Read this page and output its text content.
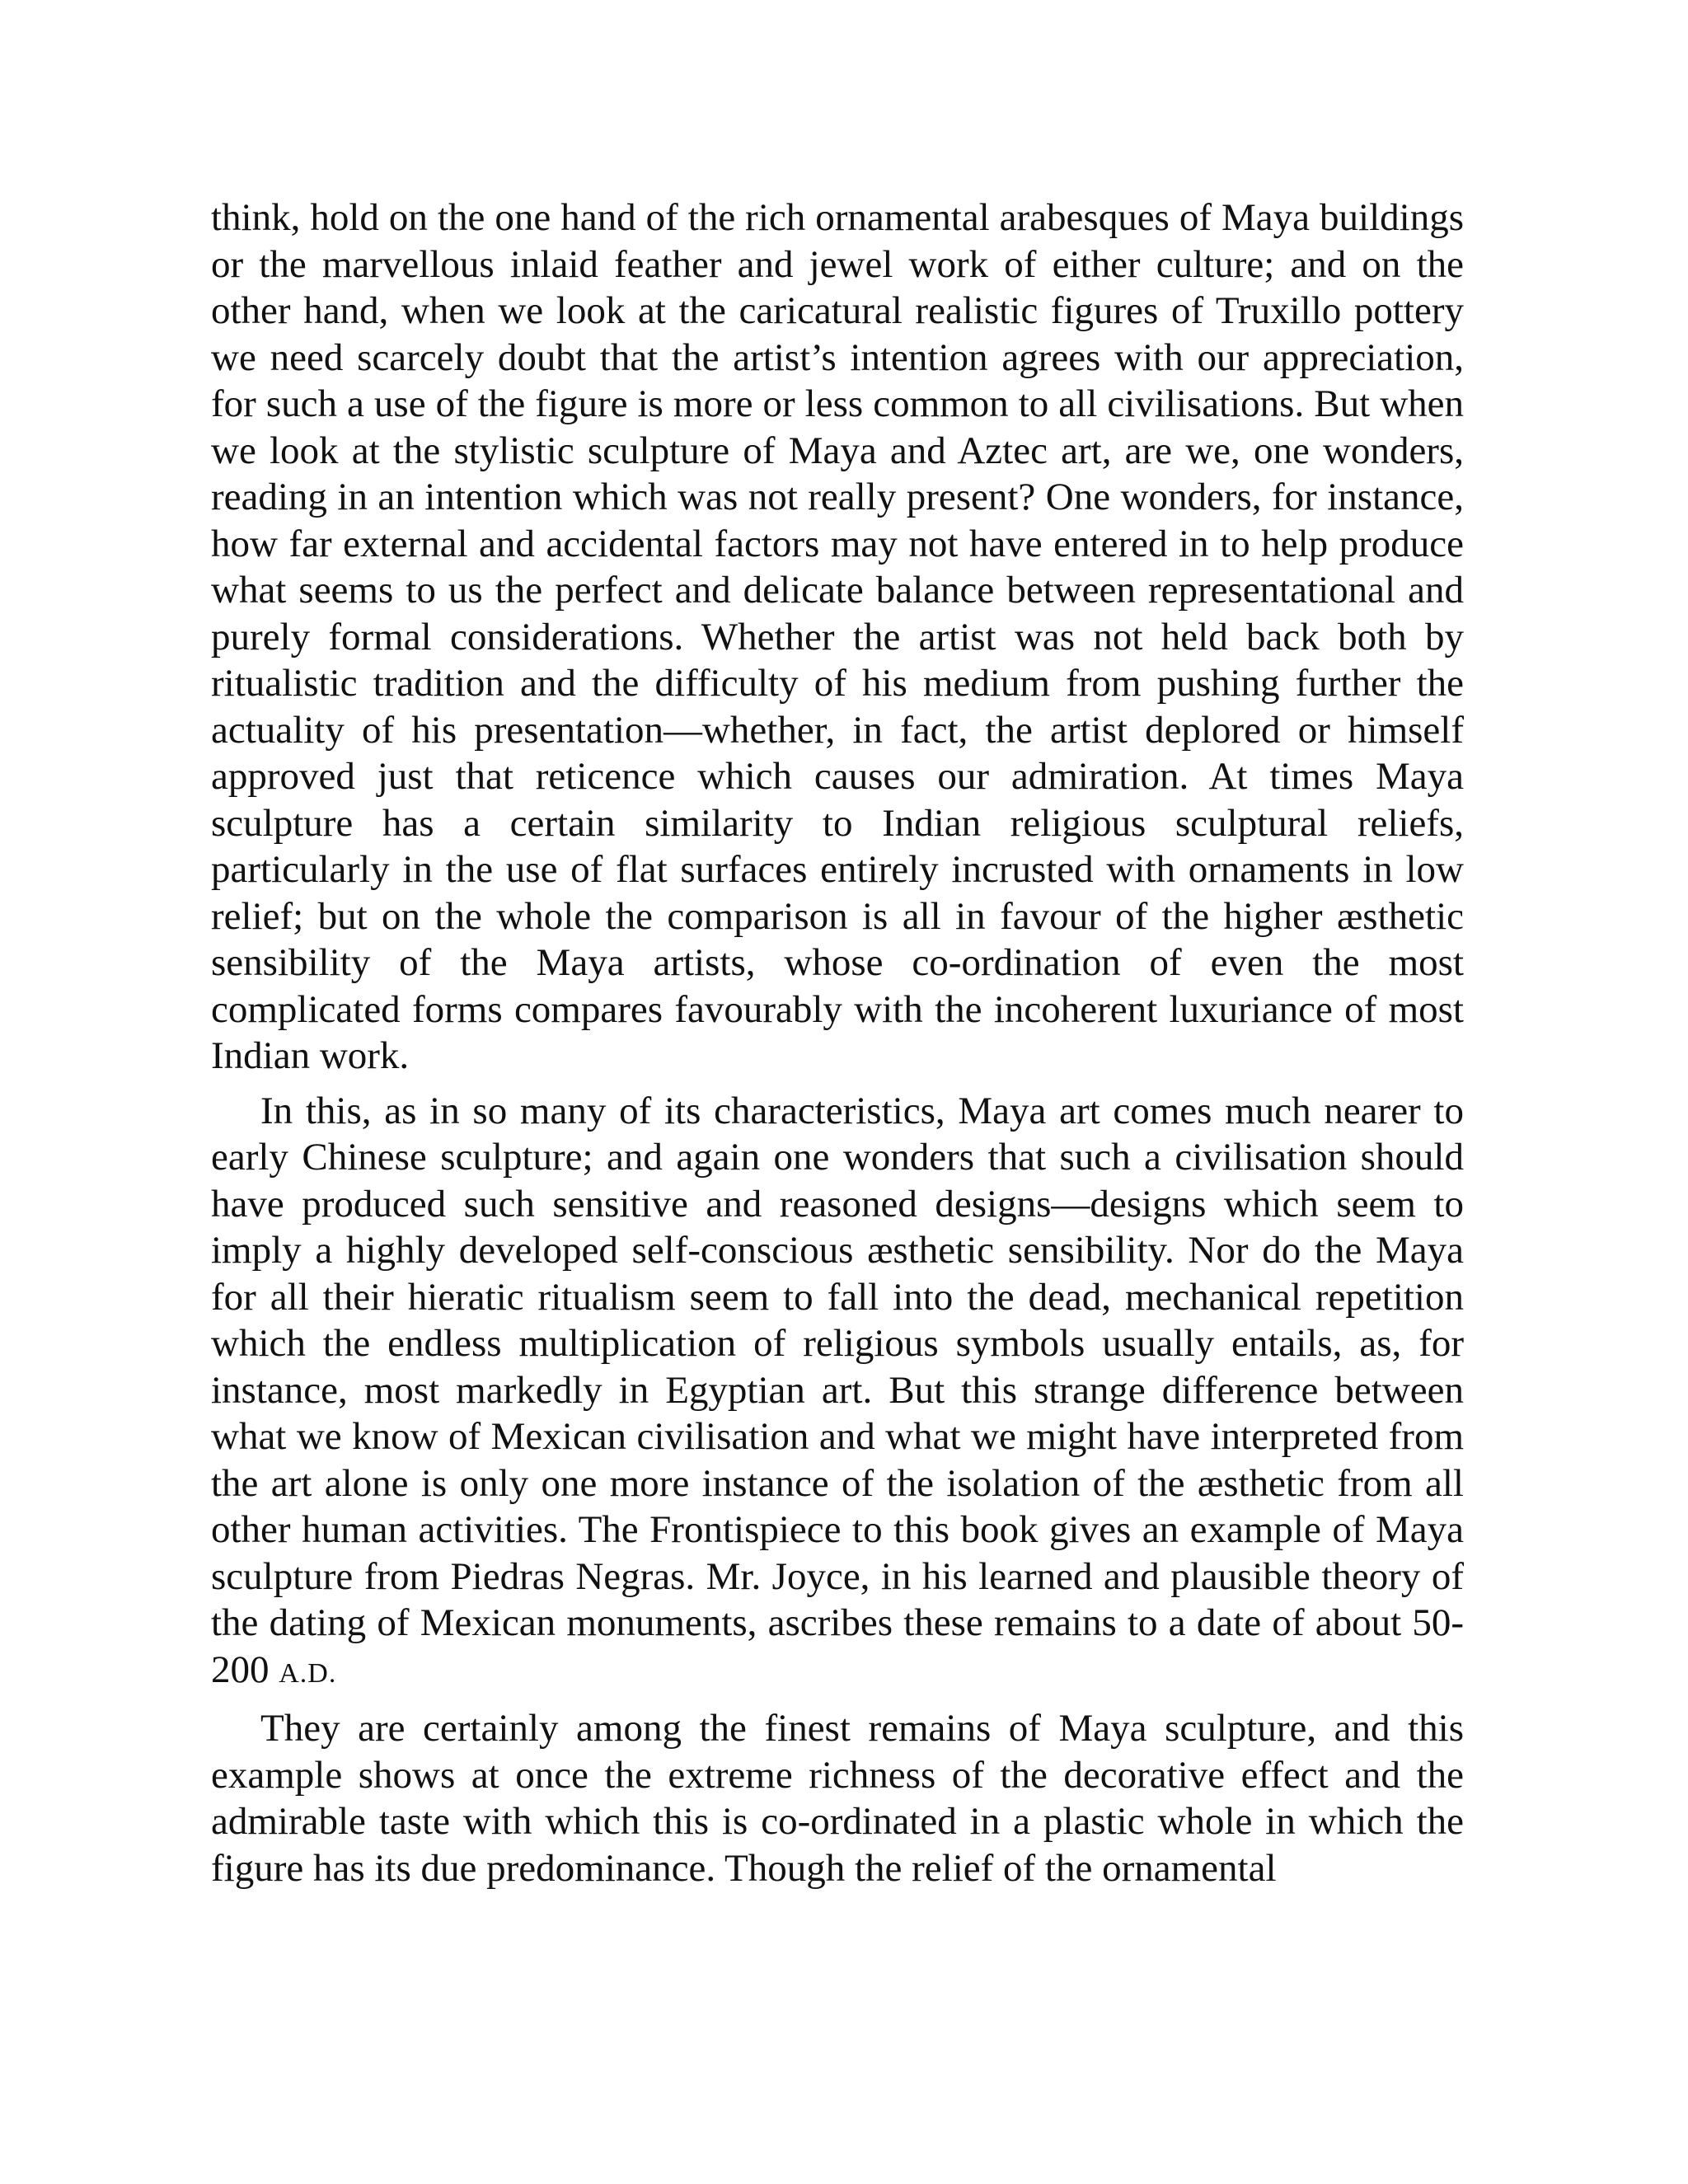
think, hold on the one hand of the rich ornamental arabesques of Maya buildings or the marvellous inlaid feather and jewel work of either culture; and on the other hand, when we look at the caricatural realistic figures of Truxillo pottery we need scarcely doubt that the artist’s intention agrees with our appreciation, for such a use of the figure is more or less common to all civilisations. But when we look at the stylistic sculpture of Maya and Aztec art, are we, one wonders, reading in an intention which was not really present? One wonders, for instance, how far external and accidental factors may not have entered in to help produce what seems to us the perfect and delicate balance between representational and purely formal considerations. Whether the artist was not held back both by ritualistic tradition and the difficulty of his medium from pushing further the actuality of his presentation—whether, in fact, the artist deplored or himself approved just that reticence which causes our admiration. At times Maya sculpture has a certain similarity to Indian religious sculptural reliefs, particularly in the use of flat surfaces entirely incrusted with ornaments in low relief; but on the whole the comparison is all in favour of the higher æsthetic sensibility of the Maya artists, whose co-ordination of even the most complicated forms compares favourably with the incoherent luxuriance of most Indian work.

In this, as in so many of its characteristics, Maya art comes much nearer to early Chinese sculpture; and again one wonders that such a civilisation should have produced such sensitive and reasoned designs—designs which seem to imply a highly developed self-conscious æsthetic sensibility. Nor do the Maya for all their hieratic ritualism seem to fall into the dead, mechanical repetition which the endless multiplication of religious symbols usually entails, as, for instance, most markedly in Egyptian art. But this strange difference between what we know of Mexican civilisation and what we might have interpreted from the art alone is only one more instance of the isolation of the æsthetic from all other human activities. The Frontispiece to this book gives an example of Maya sculpture from Piedras Negras. Mr. Joyce, in his learned and plausible theory of the dating of Mexican monuments, ascribes these remains to a date of about 50-200 A.D.

They are certainly among the finest remains of Maya sculpture, and this example shows at once the extreme richness of the decorative effect and the admirable taste with which this is co-ordinated in a plastic whole in which the figure has its due predominance. Though the relief of the ornamental
